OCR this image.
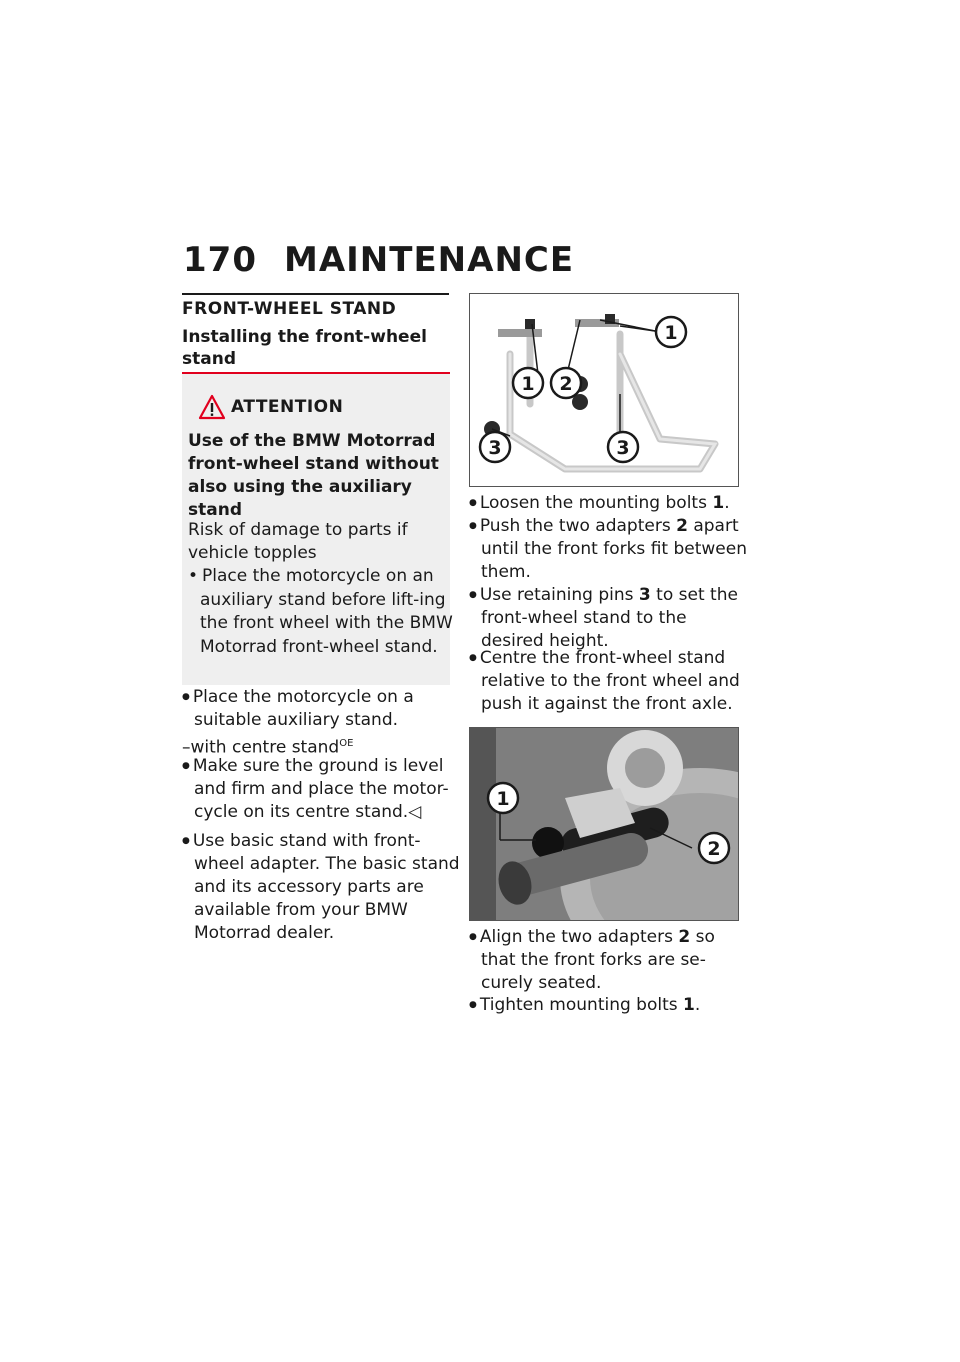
170 MAINTENANCE
FRONT-WHEEL STAND
Installing the front-wheel stand
ATTENTION
Use of the BMW Motorrad front-wheel stand without also using the auxiliary stand
Risk of damage to parts if vehicle topples
• Place the motorcycle on an auxiliary stand before lift-ing the front wheel with the BMW Motorrad front-wheel stand.
● Place the motorcycle on a suitable auxiliary stand.
–with centre stand$^{OE}$
● Make sure the ground is level and firm and place the motor-cycle on its centre stand.◁
● Use basic stand with front-wheel adapter. The basic stand and its accessory parts are available from your BMW Motorrad dealer.
1
1 2
3	3
● Loosen the mounting bolts 1.
● Push the two adapters 2 apart until the front forks fit between them.
● Use retaining pins 3 to set the front-wheel stand to the desired height.
● Centre the front-wheel stand relative to the front wheel and push it against the front axle.
1
2
● Align the two adapters 2 so that the front forks are se-curely seated.
● Tighten mounting bolts 1.
